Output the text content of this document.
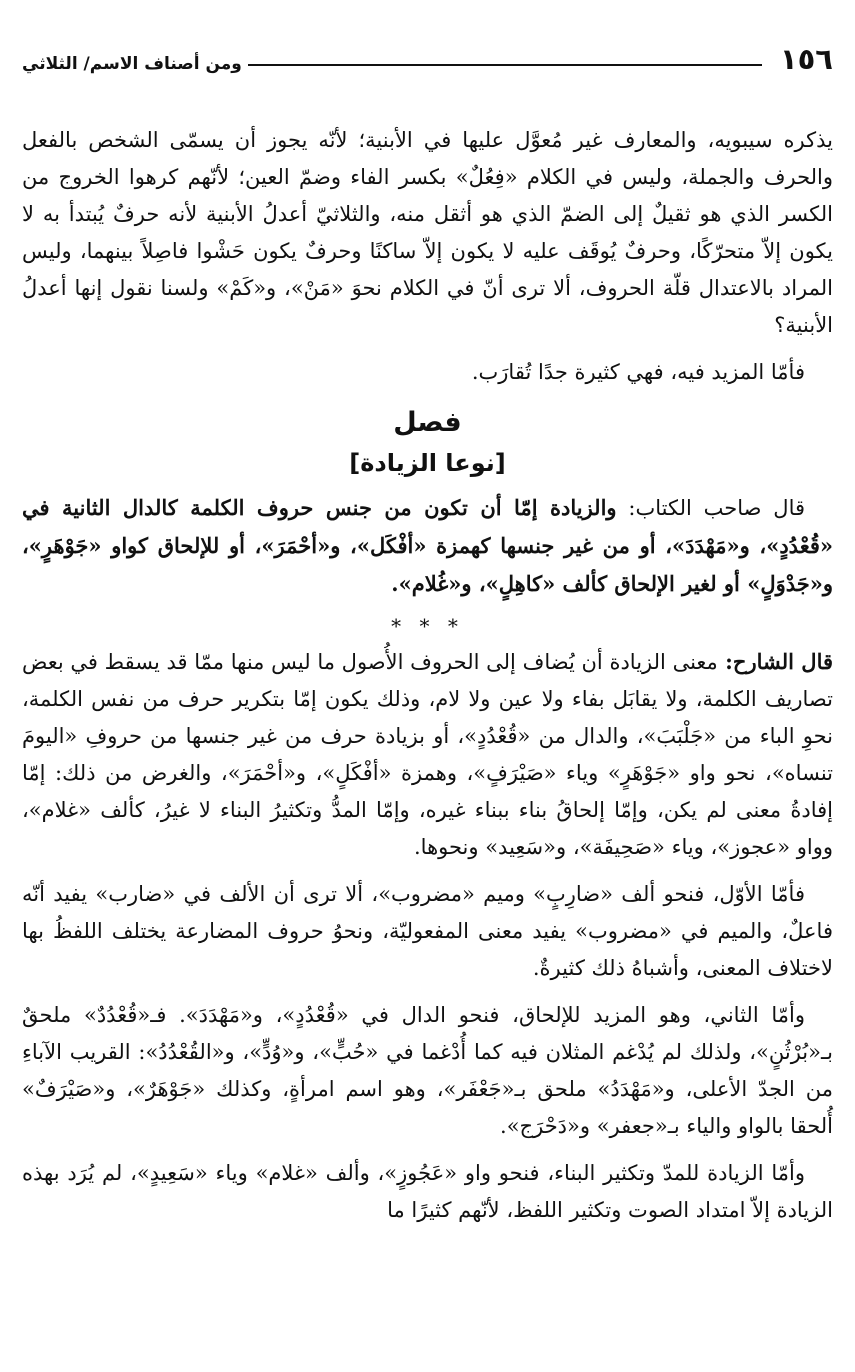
١٥٦
ومن أصناف الاسم/ الثلاثي

يذكره سيبويه، والمعارف غير مُعوَّل عليها في الأبنية؛ لأنّه يجوز أن يسمّى الشخص بالفعل والحرف والجملة، وليس في الكلام «فِعُلٌ» بكسر الفاء وضمّ العين؛ لأنّهم كرهوا الخروج من الكسر الذي هو ثقيلٌ إلى الضمّ الذي هو أثقل منه، والثلاثيّ أعدلُ الأبنية لأنه حرفٌ يُبتدأ به لا يكون إلاّ متحرّكًا، وحرفٌ يُوقَف عليه لا يكون إلاّ ساكنًا وحرفٌ يكون حَشْوا فاصِلاً بينهما، وليس المراد بالاعتدال قلّة الحروف، ألا ترى أنّ في الكلام نحوَ «مَنْ»، و«كَمْ» ولسنا نقول إنها أعدلُ الأبنية؟

فأمّا المزيد فيه، فهي كثيرة جدًا تُقارَب.

فصل
[نوعا الزيادة]

قال صاحب الكتاب: والزيادة إمّا أن تكون من جنس حروف الكلمة كالدال الثانية في «قُعْدُدٍ»، و«مَهْدَدَ»، أو من غير جنسها كهمزة «أفْكَل»، و«أحْمَرَ»، أو للإلحاق كواو «جَوْهَرٍ»، و«جَدْوَلٍ» أو لغير الإلحاق كألف «كاهِلٍ»، و«غُلام».

* * *

قال الشارح: معنى الزيادة أن يُضاف إلى الحروف الأُصول ما ليس منها ممّا قد يسقط في بعض تصاريف الكلمة، ولا يقابَل بفاء ولا عين ولا لام، وذلك يكون إمّا بتكرير حرف من نفس الكلمة، نحوِ الباء من «جَلْبَبَ»، والدال من «قُعْدُدٍ»، أو بزيادة حرف من غير جنسها من حروفِ «اليومَ تنساه»، نحو واو «جَوْهَرٍ» وياء «صَيْرَفٍ»، وهمزة «أفْكَلٍ»، و«أحْمَرَ»، والغرض من ذلك: إمّا إفادةُ معنى لم يكن، وإمّا إلحاقُ بناء ببناء غيره، وإمّا المدُّ وتكثيرُ البناء لا غيرُ، كألف «غلام»، وواو «عجوز»، وياء «صَحِيفَة»، و«سَعِيد» ونحوها.

فأمّا الأوّل، فنحو ألف «ضارِبٍ» وميم «مضروب»، ألا ترى أن الألف في «ضارب» يفيد أنّه فاعلٌ، والميم في «مضروب» يفيد معنى المفعوليّة، ونحوُ حروف المضارعة يختلف اللفظُ بها لاختلاف المعنى، وأشباهُ ذلك كثيرةٌ.

وأمّا الثاني، وهو المزيد للإلحاق، فنحو الدال في «قُعْدُدٍ»، و«مَهْدَدَ». فـ«قُعْدُدٌ» ملحقٌ بـ«بُرْثُنٍ»، ولذلك لم يُدْغم المثلان فيه كما أُدْغما في «حُبٍّ»، و«وُدٍّ»، و«القُعْدُدُ»: القريب الآباءِ من الجدّ الأعلى، و«مَهْدَدُ» ملحق بـ«جَعْفَر»، وهو اسم امرأةٍ، وكذلك «جَوْهَرٌ»، و«صَيْرَفٌ» أُلحقا بالواو والياء بـ«جعفر» و«دَحْرَج».

وأمّا الزيادة للمدّ وتكثير البناء، فنحو واو «عَجُوزٍ»، وألف «غلام» وياء «سَعِيدٍ»، لم يُرَد بهذه الزيادة إلاّ امتداد الصوت وتكثير اللفظ، لأنّهم كثيرًا ما
